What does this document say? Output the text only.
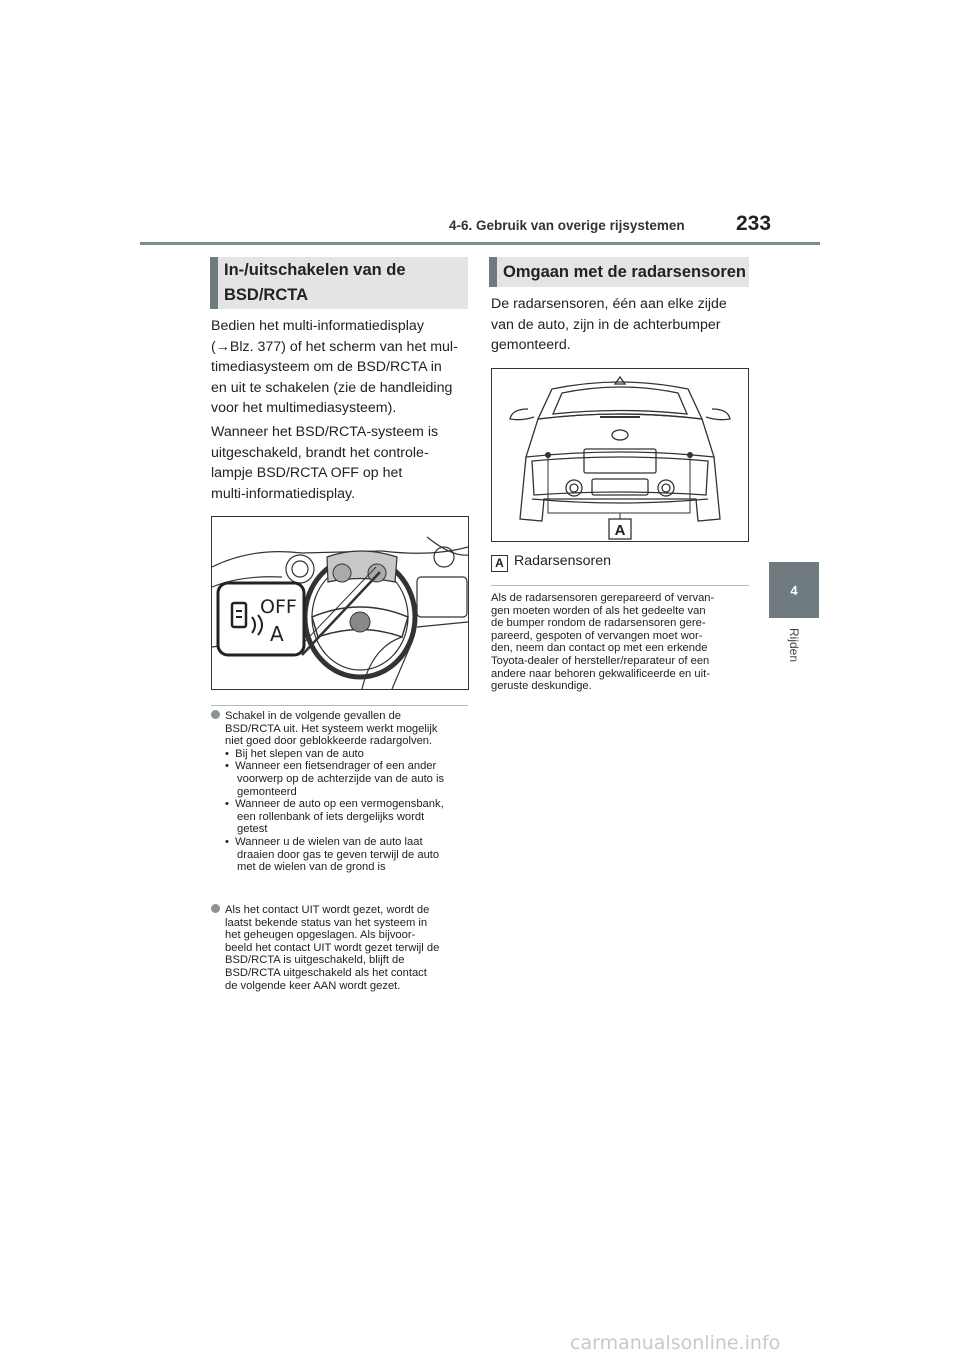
4-6. Gebruik van overige rijsystemen 233
4
Rijden
In-/uitschakelen van de
BSD/RCTA
Bedien het multi-informatiedisplay
(→Blz. 377) of het scherm van het mul-
timediasysteem om de BSD/RCTA in
en uit te schakelen (zie de handleiding
voor het multimediasysteem).
Wanneer het BSD/RCTA-systeem is
uitgeschakeld, brandt het controle-
lampje BSD/RCTA OFF op het
multi-informatiedisplay.
OFF
A
Schakel in de volgende gevallen de
BSD/RCTA uit. Het systeem werkt mogelijk
niet goed door geblokkeerde radargolven.
•  Bij het slepen van de auto
•  Wanneer een fietsendrager of een ander
voorwerp op de achterzijde van de auto is
gemonteerd
•  Wanneer de auto op een vermogensbank,
een rollenbank of iets dergelijks wordt
getest
•  Wanneer u de wielen van de auto laat
draaien door gas te geven terwijl de auto
met de wielen van de grond is
Als het contact UIT wordt gezet, wordt de
laatst bekende status van het systeem in
het geheugen opgeslagen. Als bijvoor-
beeld het contact UIT wordt gezet terwijl de
BSD/RCTA is uitgeschakeld, blijft de
BSD/RCTA uitgeschakeld als het contact
de volgende keer AAN wordt gezet.
Omgaan met de radarsensoren
De radarsensoren, één aan elke zijde
van de auto, zijn in de achterbumper
gemonteerd.
A
A Radarsensoren
Als de radarsensoren gerepareerd of vervan-
gen moeten worden of als het gedeelte van
de bumper rondom de radarsensoren gere-
pareerd, gespoten of vervangen moet wor-
den, neem dan contact op met een erkende
Toyota-dealer of hersteller/reparateur of een
andere naar behoren gekwalificeerde en uit-
geruste deskundige.
carmanualsonline.info
